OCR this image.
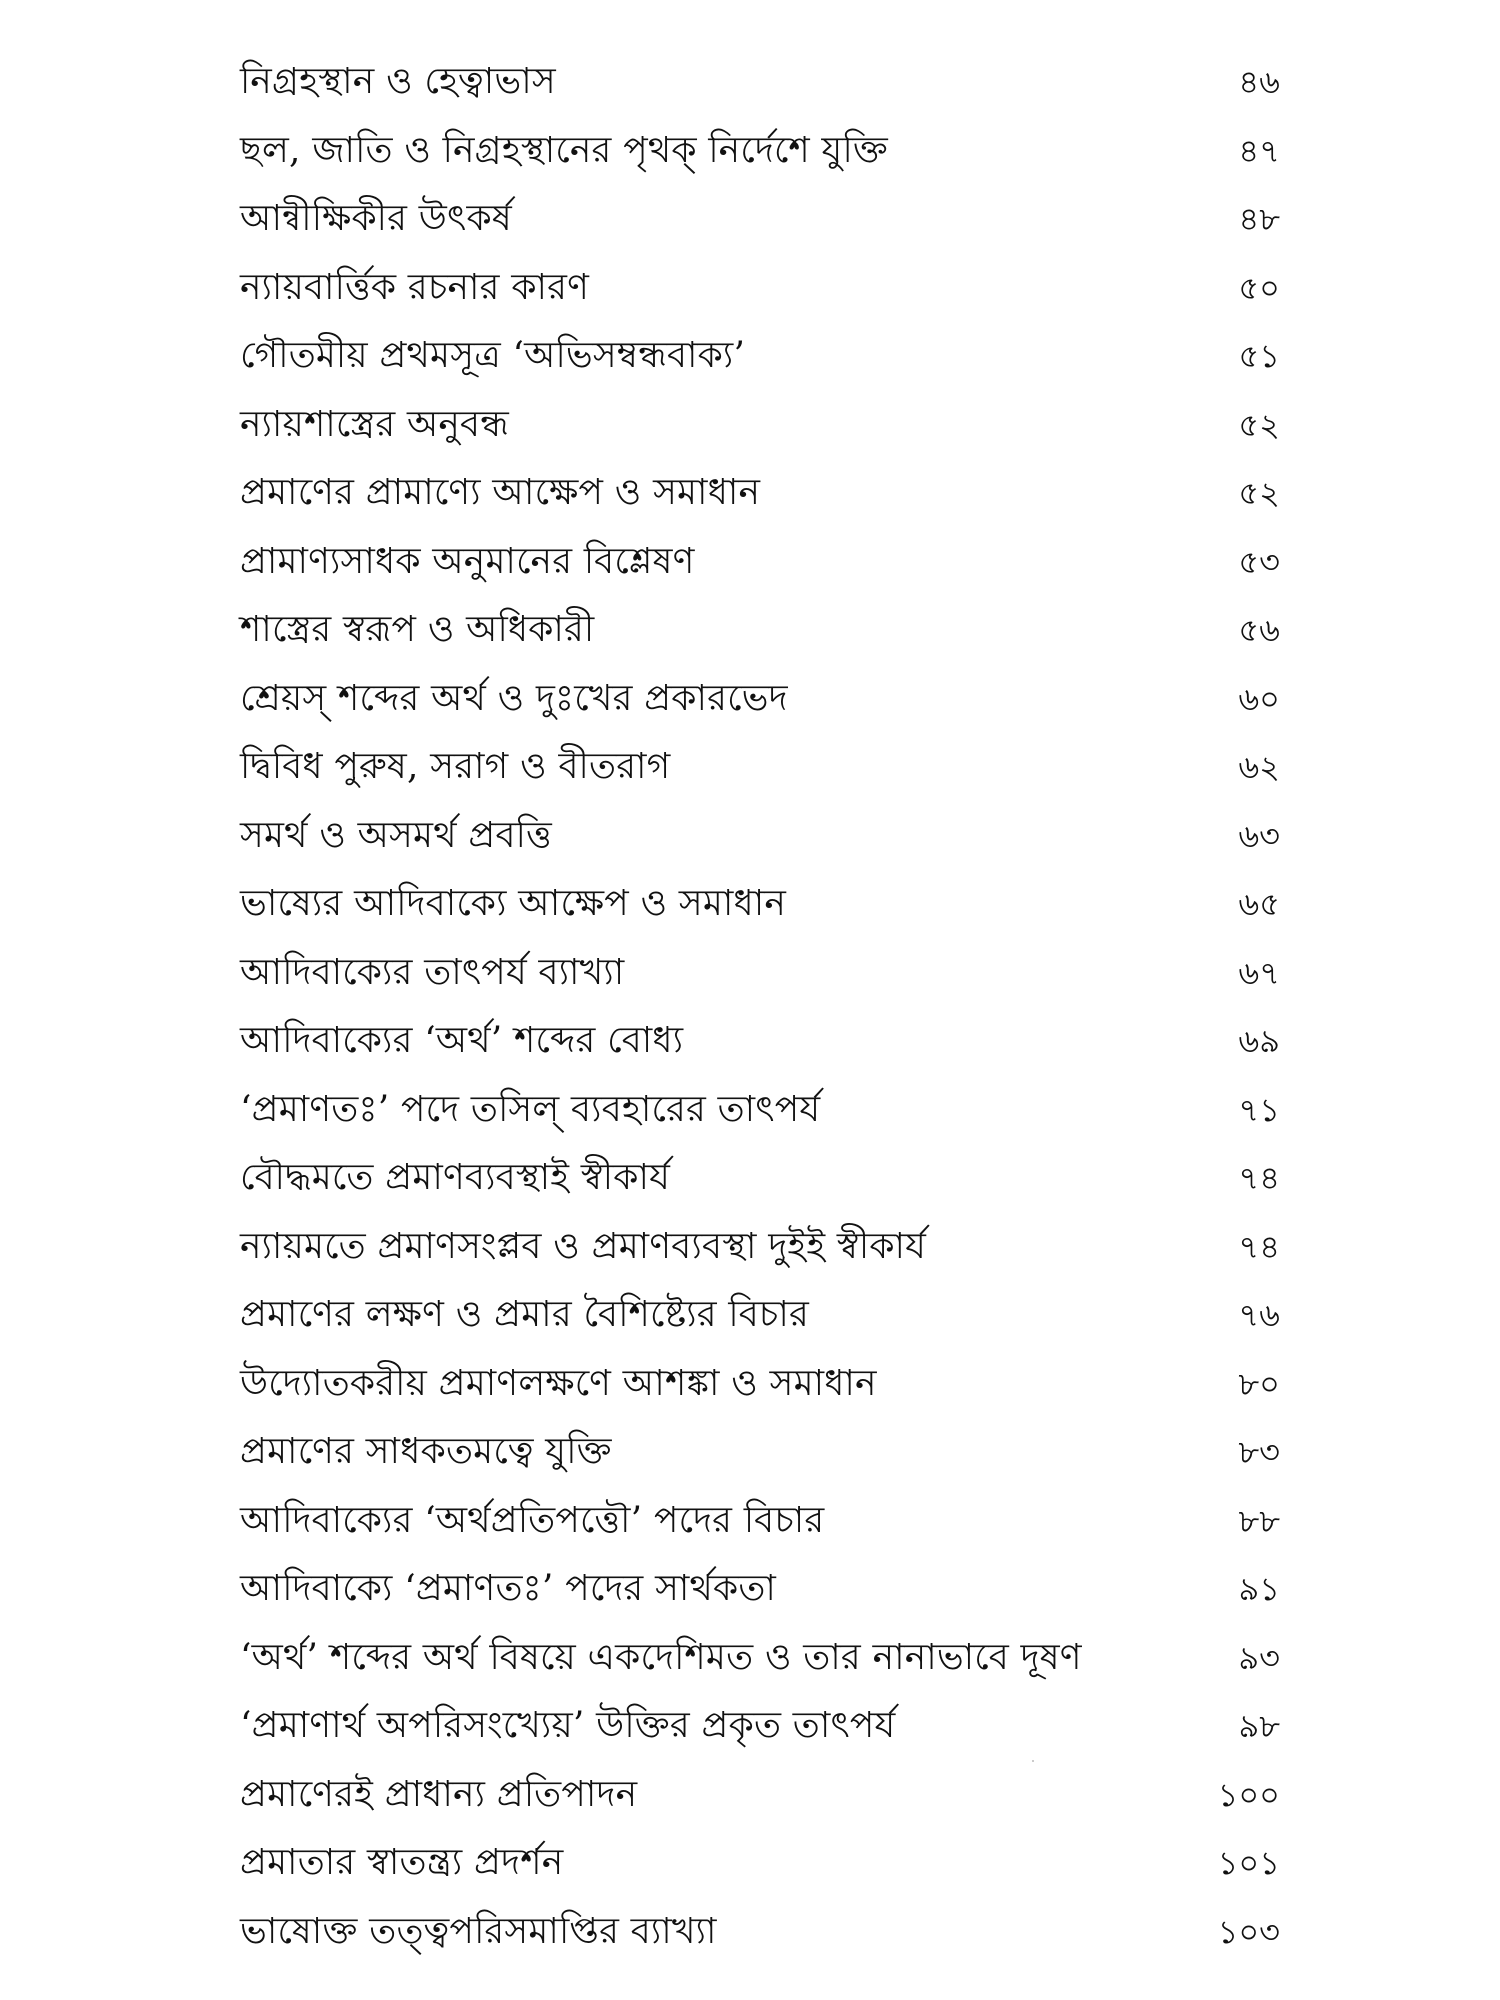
নিগ্রহস্থান ও হেত্বাভাস	৪৬
ছল, জাতি ও নিগ্রহস্থানের পৃথক্ নির্দেশে যুক্তি	৪৭
আন্বীক্ষিকীর উৎকর্ষ	৪৮
ন্যায়বার্ত্তিক রচনার কারণ	৫০
গৌতমীয় প্রথমসূত্র ‘অভিসম্বন্ধবাক্য’	৫১
ন্যায়শাস্ত্রের অনুবন্ধ	৫২
প্রমাণের প্রামাণ্যে আক্ষেপ ও সমাধান	৫২
প্রামাণ্যসাধক অনুমানের বিশ্লেষণ	৫৩
শাস্ত্রের স্বরূপ ও অধিকারী	৫৬
শ্রেয়স্ শব্দের অর্থ ও দুঃখের প্রকারভেদ	৬০
দ্বিবিধ পুরুষ, সরাগ ও বীতরাগ	৬২
সমর্থ ও অসমর্থ প্রবত্তি	৬৩
ভাষ্যের আদিবাক্যে আক্ষেপ ও সমাধান	৬৫
আদিবাক্যের তাৎপর্য ব্যাখ্যা	৬৭
আদিবাক্যের ‘অর্থ’ শব্দের বোধ্য	৬৯
‘প্রমাণতঃ’ পদে তসিল্ ব্যবহারের তাৎপর্য	৭১
বৌদ্ধমতে প্রমাণব্যবস্থাই স্বীকার্য	৭৪
ন্যায়মতে প্রমাণসংপ্লব ও প্রমাণব্যবস্থা দুইই স্বীকার্য	৭৪
প্রমাণের লক্ষণ ও প্রমার বৈশিষ্ট্যের বিচার	৭৬
উদ্যোতকরীয় প্রমাণলক্ষণে আশঙ্কা ও সমাধান	৮০
প্রমাণের সাধকতমত্বে যুক্তি	৮৩
আদিবাক্যের ‘অর্থপ্রতিপত্তৌ’ পদের বিচার	৮৮
আদিবাক্যে ‘প্রমাণতঃ’ পদের সার্থকতা	৯১
‘অর্থ’ শব্দের অর্থ বিষয়ে একদেশিমত ও তার নানাভাবে দূষণ	৯৩
‘প্রমাণার্থ অপরিসংখ্যেয়’ উক্তির প্রকৃত তাৎপর্য	৯৮
প্রমাণেরই প্রাধান্য প্রতিপাদন	১০০
প্রমাতার স্বাতন্ত্র্য প্রদর্শন	১০১
ভাষোক্ত তত্ত্বপরিসমাপ্তির ব্যাখ্যা	১০৩
